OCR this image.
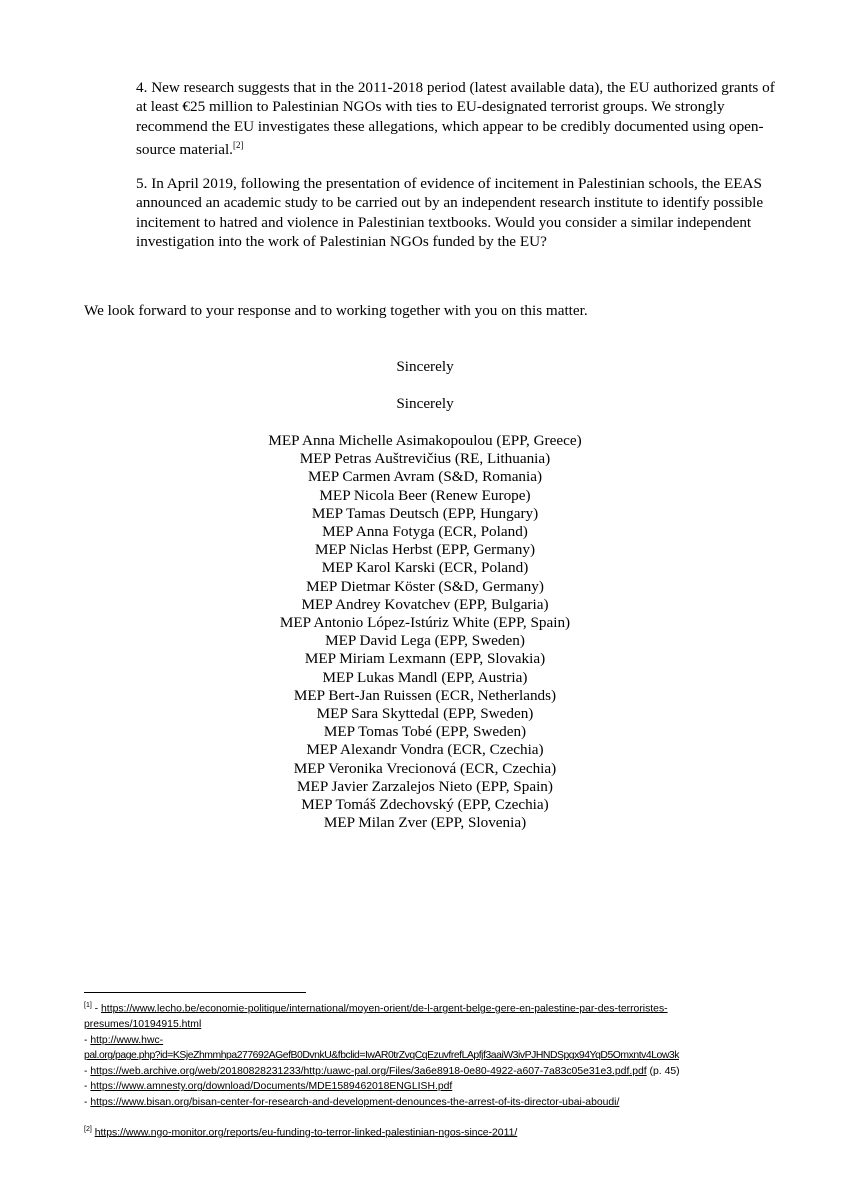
4. New research suggests that in the 2011-2018 period (latest available data), the EU authorized grants of at least €25 million to Palestinian NGOs with ties to EU-designated terrorist groups. We strongly recommend the EU investigates these allegations, which appear to be credibly documented using open-source material.[2]
5. In April 2019, following the presentation of evidence of incitement in Palestinian schools, the EEAS announced an academic study to be carried out by an independent research institute to identify possible incitement to hatred and violence in Palestinian textbooks. Would you consider a similar independent investigation into the work of Palestinian NGOs funded by the EU?
We look forward to your response and to working together with you on this matter.
Sincerely
Sincerely
MEP Anna Michelle Asimakopoulou (EPP, Greece)
MEP Petras Auštrevičius (RE, Lithuania)
MEP Carmen Avram (S&D, Romania)
MEP Nicola Beer (Renew Europe)
MEP Tamas Deutsch (EPP, Hungary)
MEP Anna Fotyga (ECR, Poland)
MEP Niclas Herbst (EPP, Germany)
MEP Karol Karski (ECR, Poland)
MEP Dietmar Köster (S&D, Germany)
MEP Andrey Kovatchev (EPP, Bulgaria)
MEP Antonio López-Istúriz White (EPP, Spain)
MEP David Lega (EPP, Sweden)
MEP Miriam Lexmann (EPP, Slovakia)
MEP Lukas Mandl (EPP, Austria)
MEP Bert-Jan Ruissen (ECR, Netherlands)
MEP Sara Skyttedal (EPP, Sweden)
MEP Tomas Tobé (EPP, Sweden)
MEP Alexandr Vondra (ECR, Czechia)
MEP Veronika Vrecionová (ECR, Czechia)
MEP Javier Zarzalejos Nieto (EPP, Spain)
MEP Tomáš Zdechovský (EPP, Czechia)
MEP Milan Zver (EPP, Slovenia)
[1] - https://www.lecho.be/economie-politique/international/moyen-orient/de-l-argent-belge-gere-en-palestine-par-des-terroristes-
presumes/10194915.html
- http://www.hwc-
pal.org/page.php?id=KSjeZhmmhpa277692AGefB0DvnkU&fbclid=IwAR0trZvqCqEzuvfrefLApfjf3aaiW3ivPJHNDSpgx94YqD5Omxntv4Low3k
- https://web.archive.org/web/20180828231233/http:/uawc-pal.org/Files/3a6e8918-0e80-4922-a607-7a83c05e31e3.pdf.pdf (p. 45)
- https://www.amnesty.org/download/Documents/MDE1589462018ENGLISH.pdf
- https://www.bisan.org/bisan-center-for-research-and-development-denounces-the-arrest-of-its-director-ubai-aboudi/
[2] https://www.ngo-monitor.org/reports/eu-funding-to-terror-linked-palestinian-ngos-since-2011/
